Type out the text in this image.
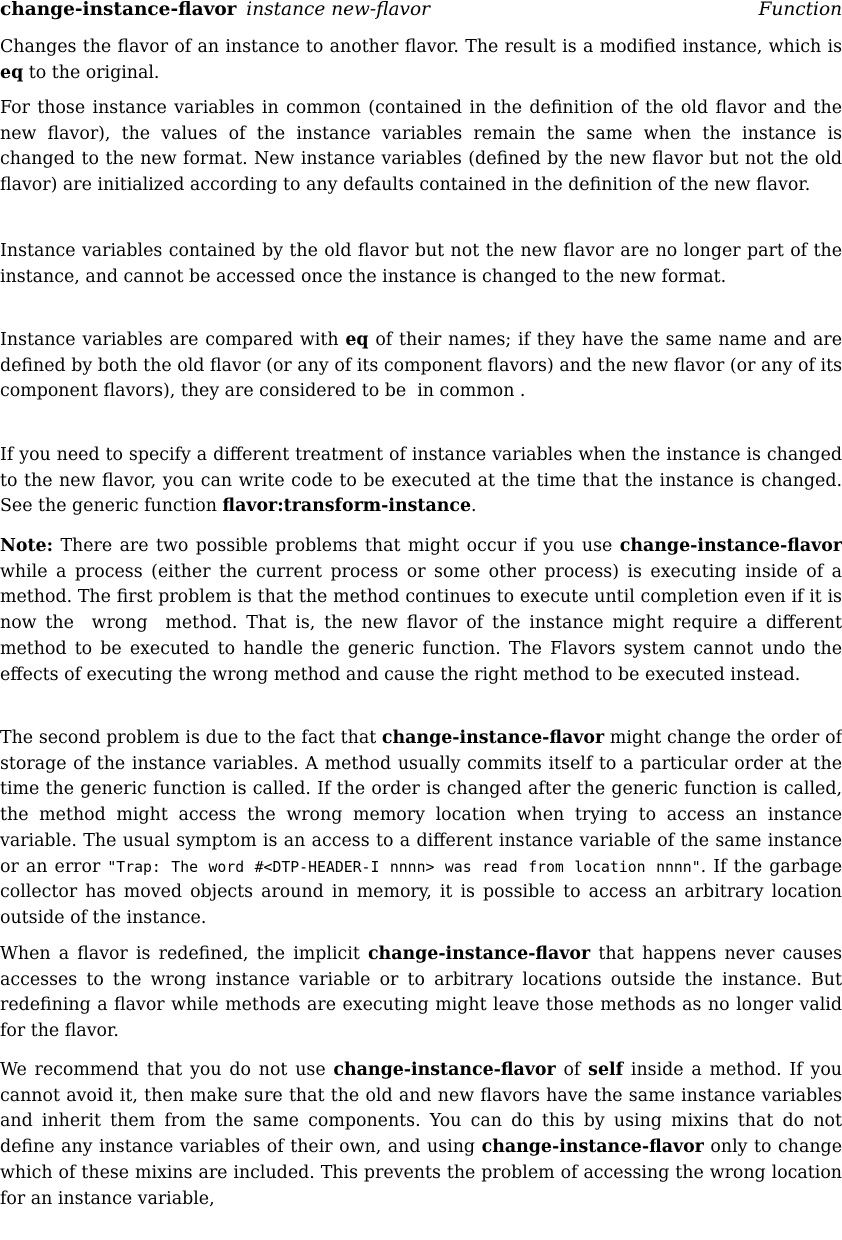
change-instance-flavor instance new-flavor	Function

Changes the flavor of an instance to another flavor. The result is a modified instance, which is eq to the original.

For those instance variables in common (contained in the definition of the old flavor and the new flavor), the values of the instance variables remain the same when the instance is changed to the new format. New instance variables (defined by the new flavor but not the old flavor) are initialized according to any defaults contained in the definition of the new flavor.

Instance variables contained by the old flavor but not the new flavor are no longer part of the instance, and cannot be accessed once the instance is changed to the new format.

Instance variables are compared with eq of their names; if they have the same name and are defined by both the old flavor (or any of its component flavors) and the new flavor (or any of its component flavors), they are considered to be  in common .

If you need to specify a different treatment of instance variables when the instance is changed to the new flavor, you can write code to be executed at the time that the instance is changed. See the generic function flavor:transform-instance.

Note: There are two possible problems that might occur if you use change-instance-flavor while a process (either the current process or some other process) is executing inside of a method. The first problem is that the method continues to execute until completion even if it is now the  wrong  method. That is, the new flavor of the instance might require a different method to be executed to handle the generic function. The Flavors system cannot undo the effects of executing the wrong method and cause the right method to be executed instead.

The second problem is due to the fact that change-instance-flavor might change the order of storage of the instance variables. A method usually commits itself to a particular order at the time the generic function is called. If the order is changed after the generic function is called, the method might access the wrong memory location when trying to access an instance variable. The usual symptom is an access to a different instance variable of the same instance or an error "Trap: The word #<DTP-HEADER-I nnnn> was read from location nnnn". If the garbage collector has moved objects around in memory, it is possible to access an arbitrary location outside of the instance.

When a flavor is redefined, the implicit change-instance-flavor that happens never causes accesses to the wrong instance variable or to arbitrary locations outside the instance. But redefining a flavor while methods are executing might leave those methods as no longer valid for the flavor.

We recommend that you do not use change-instance-flavor of self inside a method. If you cannot avoid it, then make sure that the old and new flavors have the same instance variables and inherit them from the same components. You can do this by using mixins that do not define any instance variables of their own, and using change-instance-flavor only to change which of these mixins are included. This prevents the problem of accessing the wrong location for an instance variable,
